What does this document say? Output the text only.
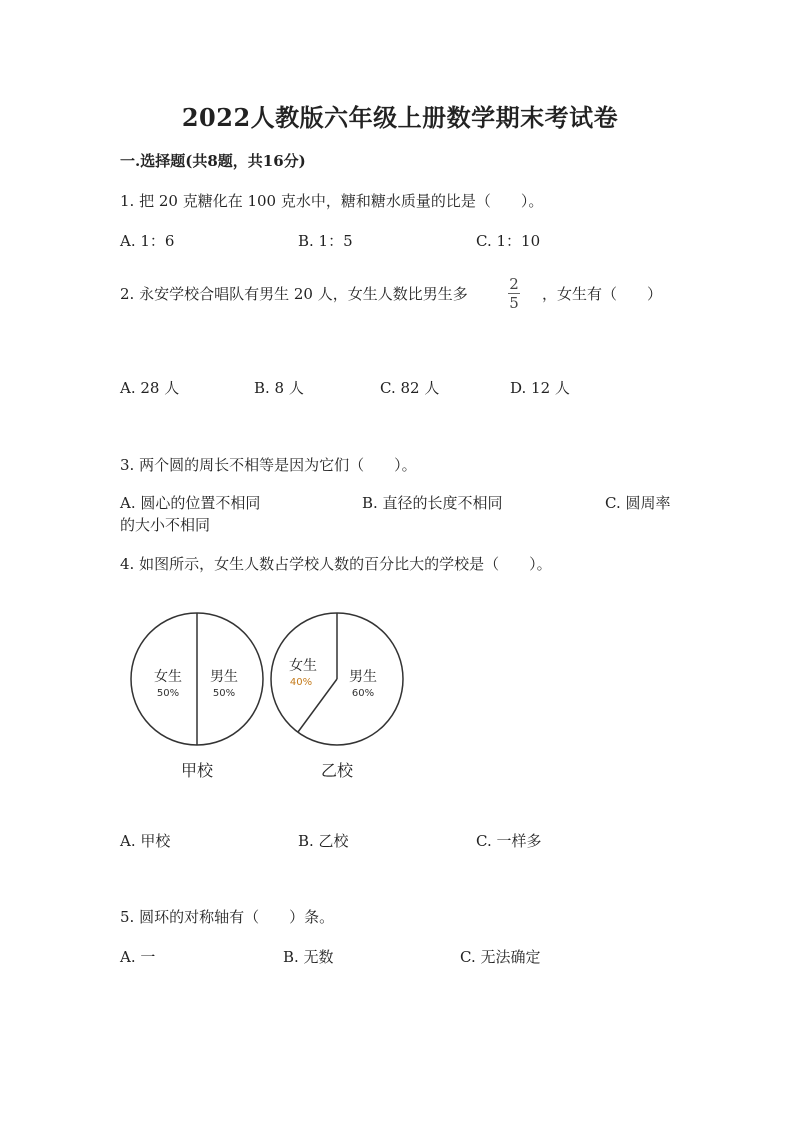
2022人教版六年级上册数学期末考试卷
一.选择题(共8题，共16分)
1. 把 20 克糖化在 100 克水中，糖和糖水质量的比是（　　）。
A. 1：6	B. 1：5	C. 1：10
2. 永安学校合唱队有男生 20 人，女生人数比男生多
2
5 ，女生有（　　）
A. 28 人	B. 8 人	C. 82 人	D. 12 人
3. 两个圆的周长不相等是因为它们（　　）。
A. 圆心的位置不相同	B. 直径的长度不相同	C. 圆周率
的大小不相同
4. 如图所示，女生人数占学校人数的百分比大的学校是（　　）。
女生
50%
男生
50%
甲校
女生
40%	男生
60%
乙校
A. 甲校	B. 乙校	C. 一样多
5. 圆环的对称轴有（　　）条。
A. 一	B. 无数	C. 无法确定
